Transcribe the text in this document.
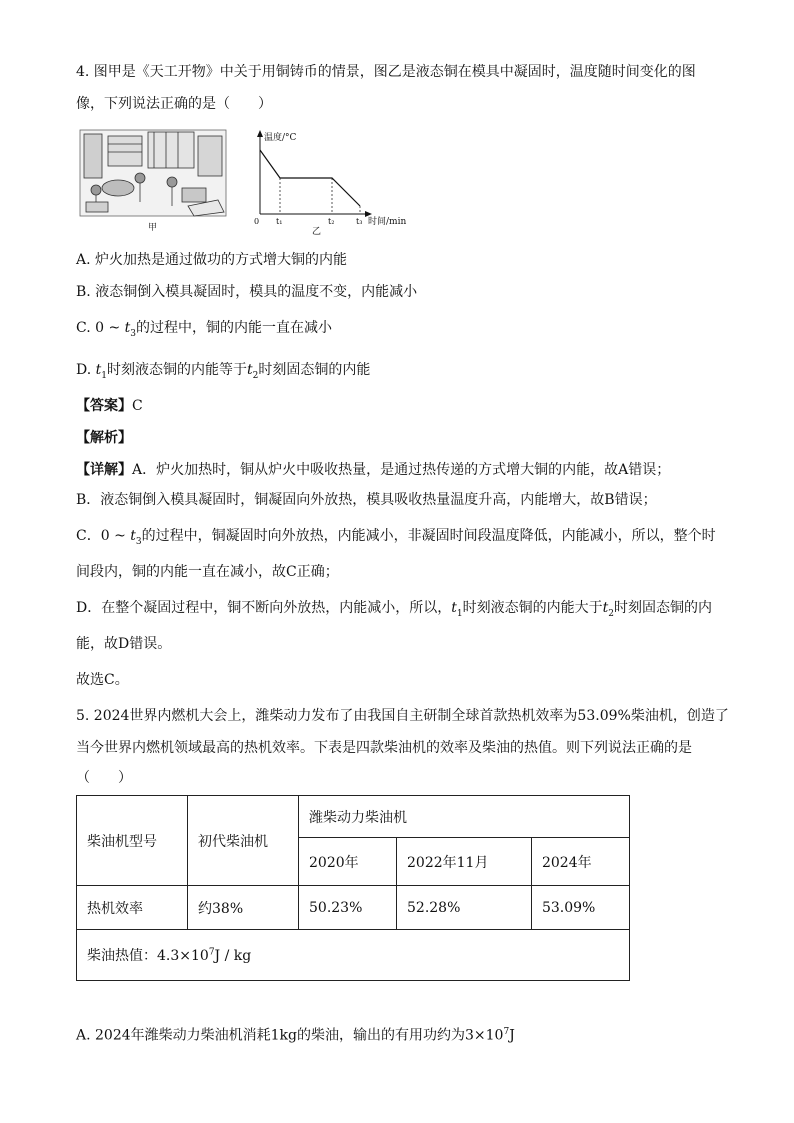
4. 图甲是《天工开物》中关于用铜铸币的情景，图乙是液态铜在模具中凝固时，温度随时间变化的图
像，下列说法正确的是（　　）
甲
温度/°C
0 t₁	t₂	t₃ 时间/min
乙
A. 炉火加热是通过做功的方式增大铜的内能
B. 液态铜倒入模具凝固时，模具的温度不变，内能减小
C. 0 ~ $t_3$的过程中，铜的内能一直在减小
D. $t_1$时刻液态铜的内能等于$t_2$时刻固态铜的内能
【答案】C
【解析】
【详解】A．炉火加热时，铜从炉火中吸收热量，是通过热传递的方式增大铜的内能，故A错误；
B．液态铜倒入模具凝固时，铜凝固向外放热，模具吸收热量温度升高，内能增大，故B错误；
C．0 ~ $t_3$的过程中，铜凝固时向外放热，内能减小，非凝固时间段温度降低，内能减小，所以，整个时
间段内，铜的内能一直在减小，故C正确；
D．在整个凝固过程中，铜不断向外放热，内能减小，所以，$t_1$时刻液态铜的内能大于$t_2$时刻固态铜的内
能，故D错误。
故选C。
5. 2024世界内燃机大会上，潍柴动力发布了由我国自主研制全球首款热机效率为53.09%柴油机，创造了
当今世界内燃机领域最高的热机效率。下表是四款柴油机的效率及柴油的热值。则下列说法正确的是
（　　）
柴油机型号	初代柴油机	潍柴动力柴油机		
		2020年	2022年11月	2024年
热机效率	约38%	50.23%	52.28%	53.09%
柴油热值：$4.3\times 10^7J$ / kg				
A. 2024年潍柴动力柴油机消耗1kg的柴油，输出的有用功约为$3\times 10^7J$
